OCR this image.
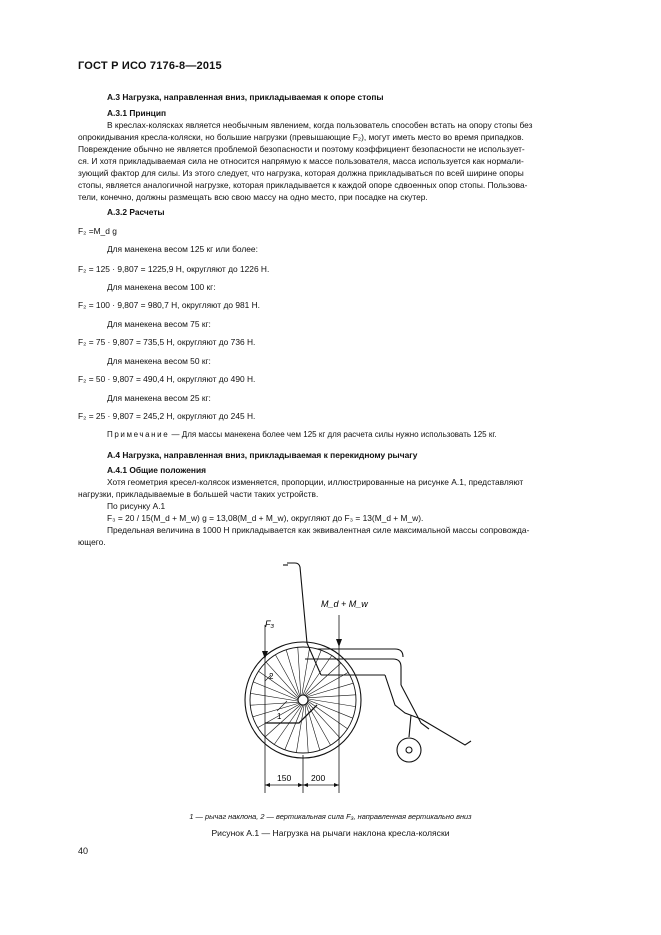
ГОСТ Р ИСО 7176-8—2015
А.3 Нагрузка, направленная вниз, прикладываемая к опоре стопы
А.3.1 Принцип
В креслах-колясках является необычным явлением, когда пользователь способен встать на опору стопы без
опрокидывания кресла-коляски, но большие нагрузки (превышающие F₂), могут иметь место во время припадков.
Повреждение обычно не является проблемой безопасности и поэтому коэффициент безопасности не использует-
ся. И хотя прикладываемая сила не относится напрямую к массе пользователя, масса используется как нормали-
зующий фактор для силы. Из этого следует, что нагрузка, которая должна прикладываться по всей ширине опоры
стопы, является аналогичной нагрузке, которая прикладывается к каждой опоре сдвоенных опор стопы. Пользова-
тели, конечно, должны размещать всю свою массу на одно место, при посадке на скутер.
А.3.2 Расчеты
F₂ =M_d g
Для манекена весом 125 кг или более:
F₂ = 125 · 9,807 = 1225,9 Н, округляют до 1226 Н.
Для манекена весом 100 кг:
F₂ = 100 · 9,807 = 980,7 Н, округляют до 981 Н.
Для манекена весом 75 кг:
F₂ = 75 · 9,807 = 735,5 Н, округляют до 736 Н.
Для манекена весом 50 кг:
F₂ = 50 · 9,807 = 490,4 Н, округляют до 490 Н.
Для манекена весом 25 кг:
F₂ = 25 · 9,807 = 245,2 Н, округляют до 245 Н.
Примечание — Для массы манекена более чем 125 кг для расчета силы нужно использовать 125 кг.
А.4 Нагрузка, направленная вниз, прикладываемая к перекидному рычагу
А.4.1 Общие положения
Хотя геометрия кресел-колясок изменяется, пропорции, иллюстрированные на рисунке А.1, представляют
нагрузки, прикладываемые в большей части таких устройств.
По рисунку А.1
F₃ = 20 / 15(M_d + M_w) g = 13,08(M_d + M_w), округляют до F₃ = 13(M_d + M_w).
Предельная величина в 1000 Н прикладывается как эквивалентная силе максимальной массы сопровожда-
ющего.
M_d + M_w
F₃
1
2
150 200
1 — рычаг наклона, 2 — вертикальная сила F₃, направленная вертикально вниз
Рисунок А.1 — Нагрузка на рычаги наклона кресла-коляски
40
